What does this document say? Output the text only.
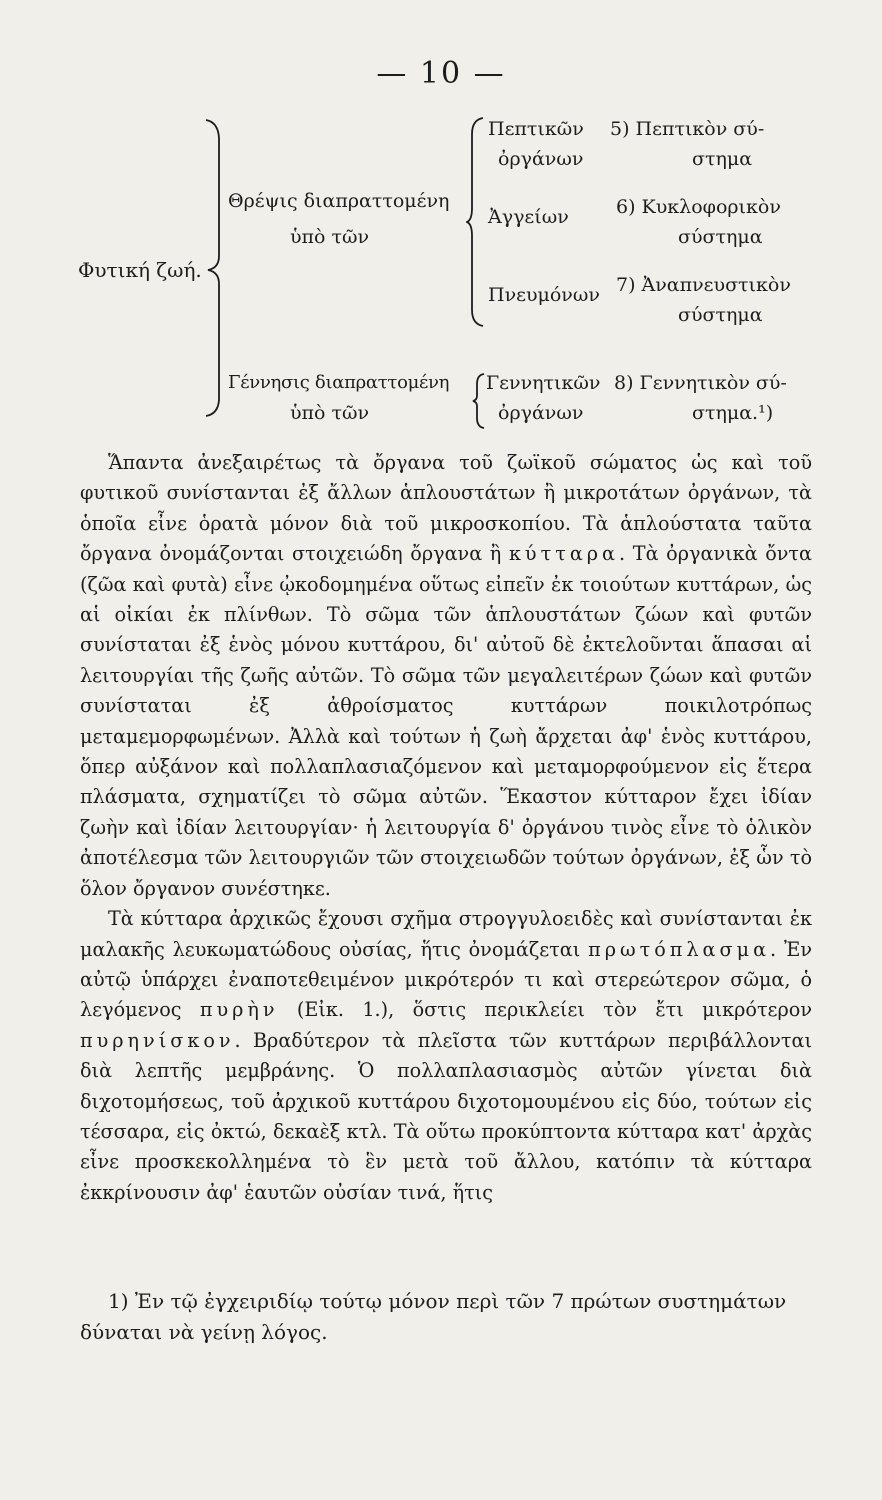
— 10 —
Φυτική ζωή.
Θρέψις διαπραττομένη
ὑπὸ τῶν
Πεπτικῶν
ὀργάνων
Ἀγγείων
Πνευμόνων
5) Πεπτικὸν σύ-
στημα
6) Κυκλοφορικὸν
σύστημα
7) Ἀναπνευστικὸν
σύστημα
Γέννησις διαπραττομένη
ὑπὸ τῶν
Γεννητικῶν
ὀργάνων
8) Γεννητικὸν σύ-
στημα.¹)

Ἅπαντα ἀνεξαιρέτως τὰ ὄργανα τοῦ ζωϊκοῦ σώματος ὡς καὶ τοῦ φυτικοῦ συνίστανται ἐξ ἄλλων ἁπλουστάτων ἢ μικροτάτων ὀργάνων, τὰ ὁποῖα εἶνε ὁρατὰ μόνον διὰ τοῦ μικροσκοπίου. Τὰ ἁπλούστατα ταῦτα ὄργανα ὀνομάζονται στοιχειώδη ὄργανα ἢ κύτταρα. Τὰ ὀργανικὰ ὄντα (ζῶα καὶ φυτὰ) εἶνε ᾠκοδομημένα οὕτως εἰπεῖν ἐκ τοιούτων κυττάρων, ὡς αἱ οἰκίαι ἐκ πλίνθων. Τὸ σῶμα τῶν ἁπλουστάτων ζώων καὶ φυτῶν συνίσταται ἐξ ἑνὸς μόνου κυττάρου, δι' αὐτοῦ δὲ ἐκτελοῦνται ἅπασαι αἱ λειτουργίαι τῆς ζωῆς αὐτῶν. Τὸ σῶμα τῶν μεγαλειτέρων ζώων καὶ φυτῶν συνίσταται ἐξ ἀθροίσματος κυττάρων ποικιλοτρόπως μεταμεμορφωμένων. Ἀλλὰ καὶ τούτων ἡ ζωὴ ἄρχεται ἀφ' ἑνὸς κυττάρου, ὅπερ αὐξάνον καὶ πολλαπλασιαζόμενον καὶ μεταμορφούμενον εἰς ἕτερα πλάσματα, σχηματίζει τὸ σῶμα αὐτῶν. Ἕκαστον κύτταρον ἔχει ἰδίαν ζωὴν καὶ ἰδίαν λειτουργίαν· ἡ λειτουργία δ' ὀργάνου τινὸς εἶνε τὸ ὁλικὸν ἀποτέλεσμα τῶν λειτουργιῶν τῶν στοιχειωδῶν τούτων ὀργάνων, ἐξ ὧν τὸ ὅλον ὄργανον συνέστηκε.

Τὰ κύτταρα ἀρχικῶς ἔχουσι σχῆμα στρογγυλοειδὲς καὶ συνίστανται ἐκ μαλακῆς λευκωματώδους οὐσίας, ἥτις ὀνομάζεται πρωτόπλασμα. Ἐν αὐτῷ ὑπάρχει ἐναποτεθειμένον μικρότερόν τι καὶ στερεώτερον σῶμα, ὁ λεγόμενος πυρὴν (Εἰκ. 1.), ὅστις περικλείει τὸν ἔτι μικρότερον πυρηνίσκον. Βραδύτερον τὰ πλεῖστα τῶν κυττάρων περιβάλλονται διὰ λεπτῆς μεμβράνης. Ὁ πολλαπλασιασμὸς αὐτῶν γίνεται διὰ διχοτομήσεως, τοῦ ἀρχικοῦ κυττάρου διχοτομουμένου εἰς δύο, τούτων εἰς τέσσαρα, εἰς ὀκτώ, δεκαὲξ κτλ. Τὰ οὕτω προκύπτοντα κύτταρα κατ' ἀρχὰς εἶνε προσκεκολλημένα τὸ ἓν μετὰ τοῦ ἄλλου, κατόπιν τὰ κύτταρα ἐκκρίνουσιν ἀφ' ἑαυτῶν οὐσίαν τινά, ἥτις

1) Ἐν τῷ ἐγχειριδίῳ τούτῳ μόνον περὶ τῶν 7 πρώτων συστημάτων δύναται νὰ γείνῃ λόγος.
